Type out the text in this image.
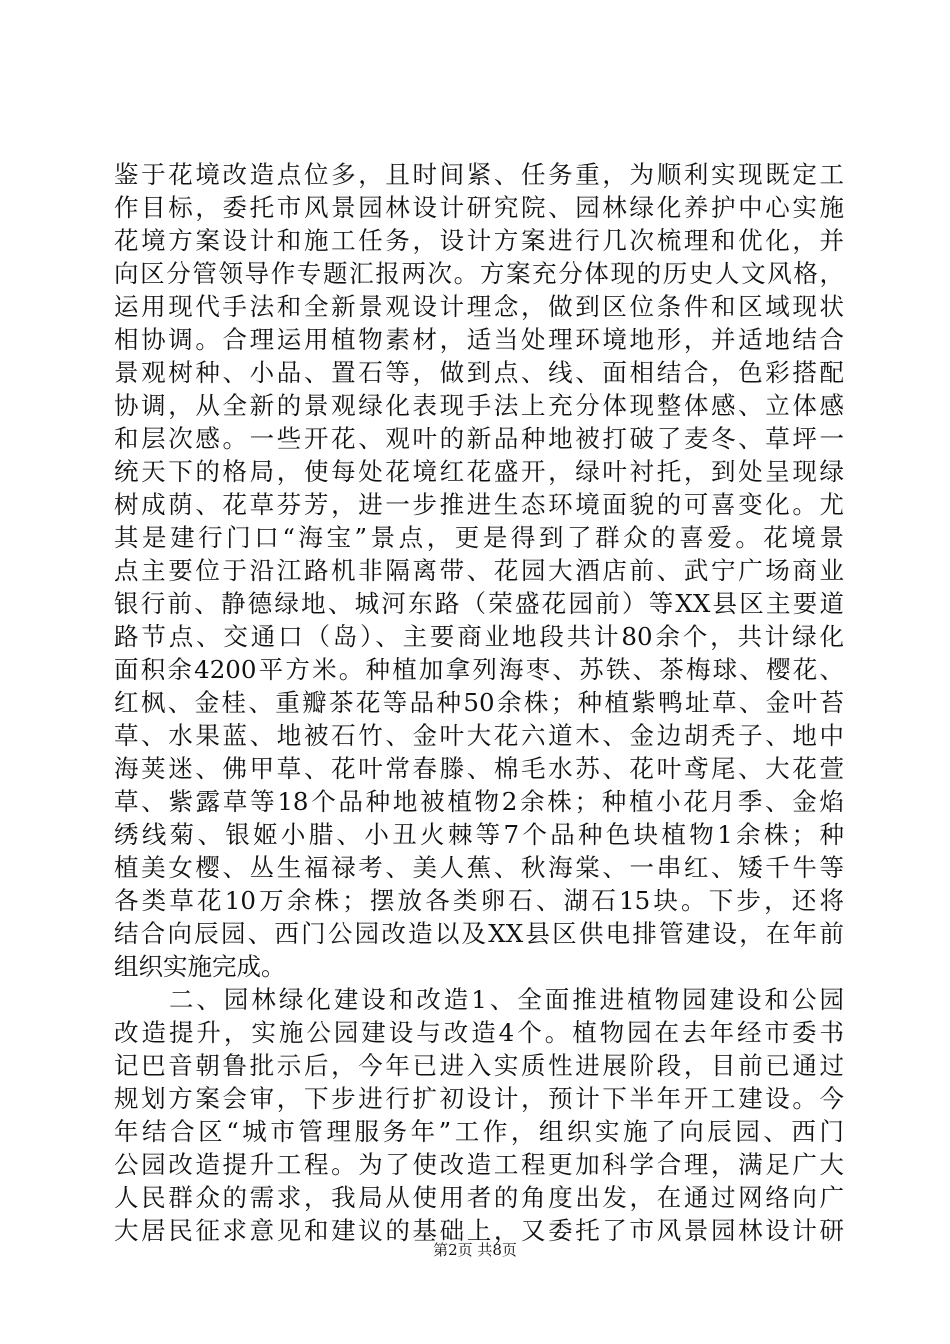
鉴于花境改造点位多，且时间紧、任务重，为顺利实现既定工
作目标，委托市风景园林设计研究院、园林绿化养护中心实施
花境方案设计和施工任务，设计方案进行几次梳理和优化，并
向区分管领导作专题汇报两次。方案充分体现的历史人文风格，
运用现代手法和全新景观设计理念，做到区位条件和区域现状
相协调。合理运用植物素材，适当处理环境地形，并适地结合
景观树种、小品、置石等，做到点、线、面相结合，色彩搭配
协调，从全新的景观绿化表现手法上充分体现整体感、立体感
和层次感。一些开花、观叶的新品种地被打破了麦冬、草坪一
统天下的格局，使每处花境红花盛开，绿叶衬托，到处呈现绿
树成荫、花草芬芳，进一步推进生态环境面貌的可喜变化。尤
其是建行门口“海宝”景点，更是得到了群众的喜爱。花境景
点主要位于沿江路机非隔离带、花园大酒店前、武宁广场商业
银行前、静德绿地、城河东路（荣盛花园前）等XX县区主要道
路节点、交通口（岛）、主要商业地段共计80余个，共计绿化
面积余4200平方米。种植加拿列海枣、苏铁、茶梅球、樱花、
红枫、金桂、重瓣茶花等品种50余株；种植紫鸭址草、金叶苔
草、水果蓝、地被石竹、金叶大花六道木、金边胡秃子、地中
海荚迷、佛甲草、花叶常春滕、棉毛水苏、花叶鸢尾、大花萱
草、紫露草等18个品种地被植物2余株；种植小花月季、金焰
绣线菊、银姬小腊、小丑火棘等7个品种色块植物1余株；种
植美女樱、丛生福禄考、美人蕉、秋海棠、一串红、矮千牛等
各类草花10万余株；摆放各类卵石、湖石15块。下步，还将
结合向辰园、西门公园改造以及XX县区供电排管建设，在年前
组织实施完成。
　　二、园林绿化建设和改造1、全面推进植物园建设和公园
改造提升，实施公园建设与改造4个。植物园在去年经市委书
记巴音朝鲁批示后，今年已进入实质性进展阶段，目前已通过
规划方案会审，下步进行扩初设计，预计下半年开工建设。今
年结合区“城市管理服务年”工作，组织实施了向辰园、西门
公园改造提升工程。为了使改造工程更加科学合理，满足广大
人民群众的需求，我局从使用者的角度出发，在通过网络向广
大居民征求意见和建议的基础上，又委托了市风景园林设计研
第2页 共8页
